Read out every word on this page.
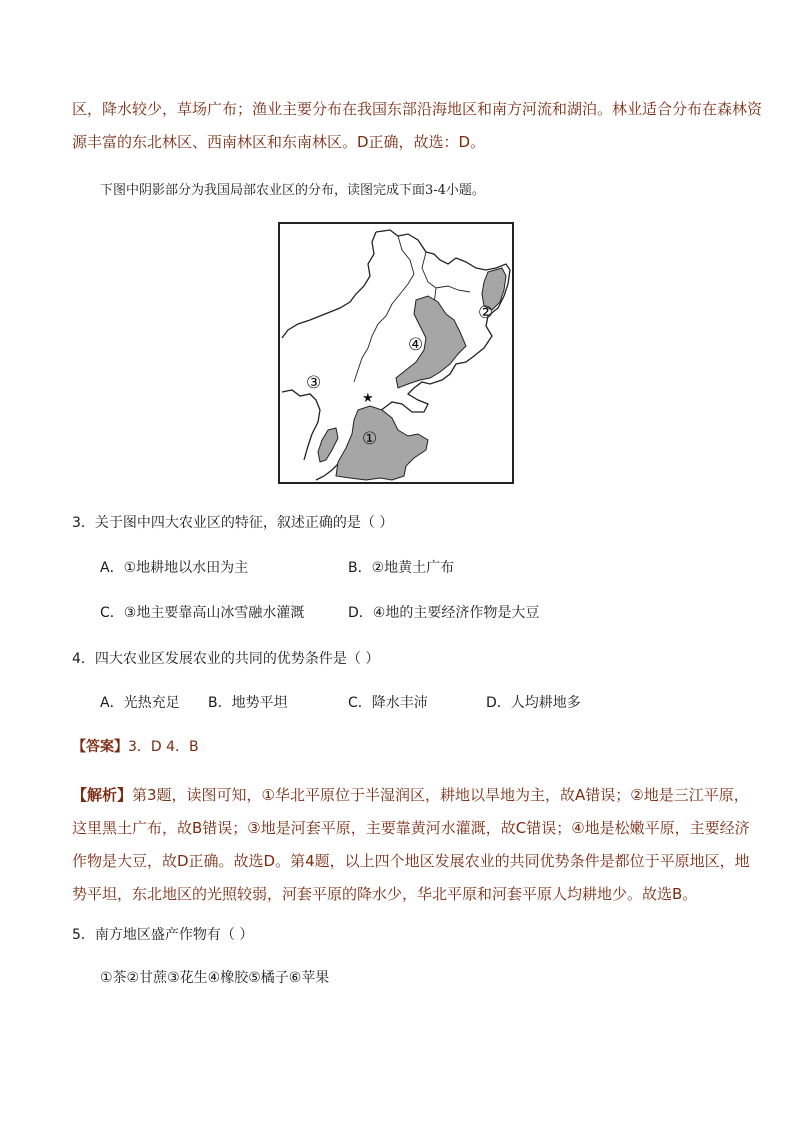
区，降水较少，草场广布；渔业主要分布在我国东部沿海地区和南方河流和湖泊。林业适合分布在森林资
源丰富的东北林区、西南林区和东南林区。D正确，故选：D。
下图中阴影部分为我国局部农业区的分布，读图完成下面3-4小题。
②
④
③
①
★
3．关于图中四大农业区的特征，叙述正确的是（ ）
A．①地耕地以水田为主	B．②地黄土广布
C．③地主要靠高山冰雪融水灌溉	D．④地的主要经济作物是大豆
4．四大农业区发展农业的共同的优势条件是（ ）
A．光热充足 B．地势平坦	C．降水丰沛	D．人均耕地多
【答案】3．D 4．B
【解析】第3题，读图可知，①华北平原位于半湿润区，耕地以旱地为主，故A错误；②地是三江平原，
这里黑土广布，故B错误；③地是河套平原，主要靠黄河水灌溉，故C错误；④地是松嫩平原，主要经济
作物是大豆，故D正确。故选D。第4题，以上四个地区发展农业的共同优势条件是都位于平原地区，地
势平坦，东北地区的光照较弱，河套平原的降水少，华北平原和河套平原人均耕地少。故选B。
5．南方地区盛产作物有（ ）
①茶②甘蔗③花生④橡胶⑤橘子⑥苹果
